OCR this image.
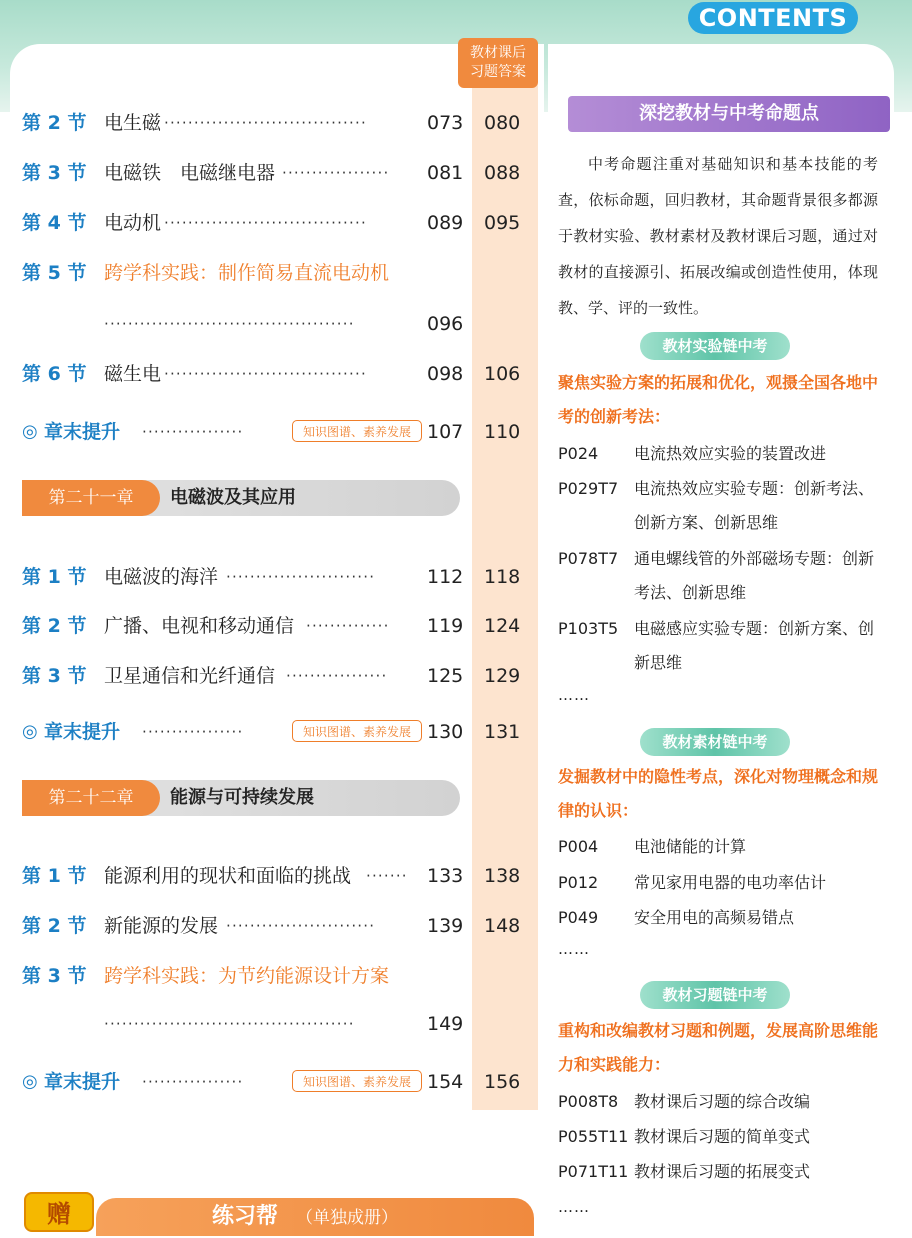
CONTENTS
教材课后
习题答案
第 2 节 电生磁 ··································	073 080
第 3 节 电磁铁　电磁继电器 ··················	081 088
第 4 节 电动机 ··································	089 095
第 5 节 跨学科实践：制作简易直流电动机
··········································	096
第 6 节 磁生电 ··································	098 106
◎ 章末提升 ·················	知识图谱、素养发展 107 110
第二十一章	电磁波及其应用
第 1 节 电磁波的海洋 ·························	112 118
第 2 节 广播、电视和移动通信 ··············	119 124
第 3 节 卫星通信和光纤通信 ·················	125 129
◎ 章末提升 ·················	知识图谱、素养发展 130 131
第二十二章	能源与可持续发展
第 1 节 能源利用的现状和面临的挑战 ·······	133 138
第 2 节 新能源的发展 ·························	139 148
第 3 节 跨学科实践：为节约能源设计方案
··········································	149
◎ 章末提升 ·················	知识图谱、素养发展 154 156
赠	练习帮 （单独成册）
深挖教材与中考命题点
中考命题注重对基础知识和基本技能的考查，依标命题，回归教材，其命题背景很多都源于教材实验、教材素材及教材课后习题，通过对教材的直接源引、拓展改编或创造性使用，体现教、学、评的一致性。
教材实验链中考
聚焦实验方案的拓展和优化，观摄全国各地中考的创新考法：
P024 电流热效应实验的装置改进
P029T7 电流热效应实验专题：创新考法、创新方案、创新思维
P078T7 通电螺线管的外部磁场专题：创新考法、创新思维
P103T5 电磁感应实验专题：创新方案、创新思维
……
教材素材链中考
发掘教材中的隐性考点，深化对物理概念和规律的认识：
P004 电池储能的计算
P012 常见家用电器的电功率估计
P049 安全用电的高频易错点
……
教材习题链中考
重构和改编教材习题和例题，发展高阶思维能力和实践能力：
P008T8 教材课后习题的综合改编
P055T11 教材课后习题的简单变式
P071T11 教材课后习题的拓展变式
……
